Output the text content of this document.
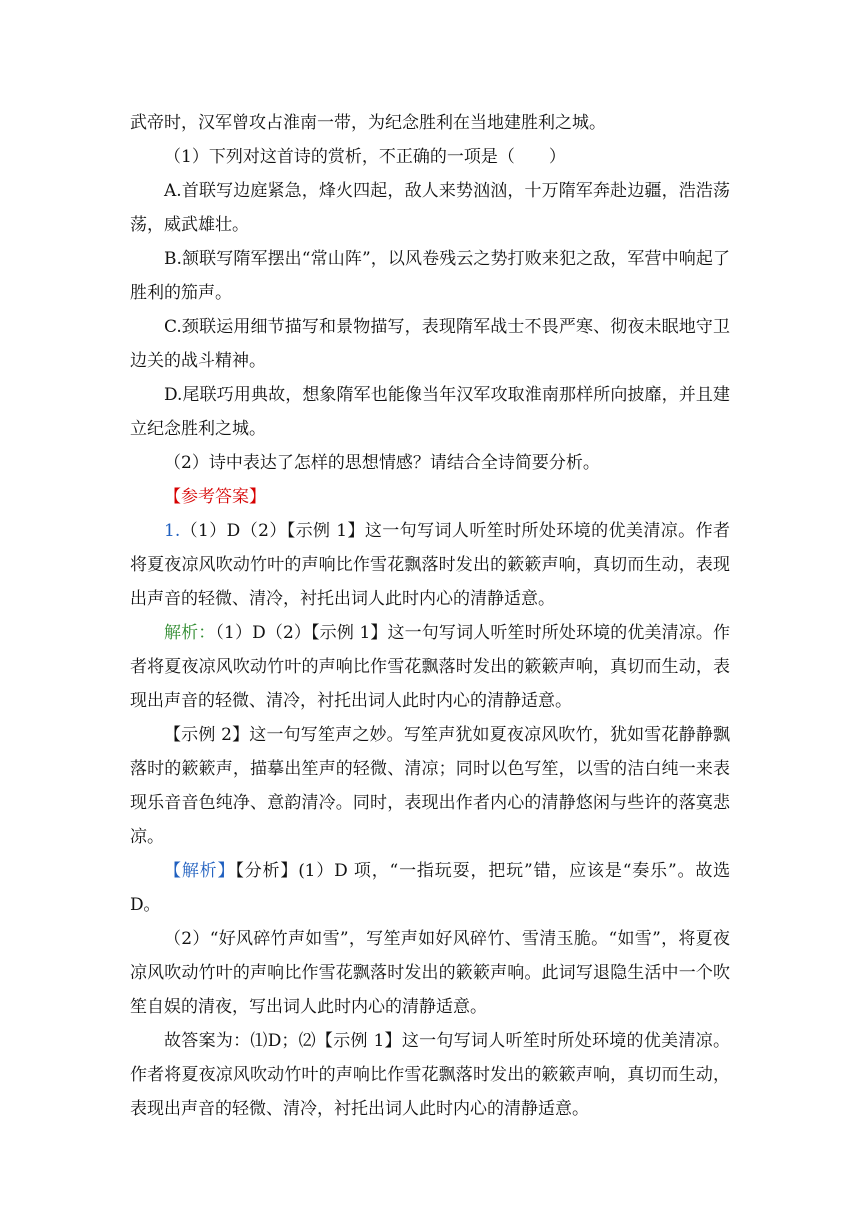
武帝时，汉军曾攻占淮南一带，为纪念胜利在当地建胜利之城。

（1）下列对这首诗的赏析，不正确的一项是（　　）

A.首联写边庭紧急，烽火四起，敌人来势汹汹，十万隋军奔赴边疆，浩浩荡荡，威武雄壮。

B.颔联写隋军摆出“常山阵”，以风卷残云之势打败来犯之敌，军营中响起了胜利的笳声。

C.颈联运用细节描写和景物描写，表现隋军战士不畏严寒、彻夜未眠地守卫边关的战斗精神。

D.尾联巧用典故，想象隋军也能像当年汉军攻取淮南那样所向披靡，并且建立纪念胜利之城。

（2）诗中表达了怎样的思想情感？请结合全诗简要分析。

【参考答案】

1.（1）D（2）【示例 1】这一句写词人听笙时所处环境的优美清凉。作者将夏夜凉风吹动竹叶的声响比作雪花飘落时发出的簌簌声响，真切而生动，表现出声音的轻微、清冷，衬托出词人此时内心的清静适意。

解析：（1）D（2）【示例 1】这一句写词人听笙时所处环境的优美清凉。作者将夏夜凉风吹动竹叶的声响比作雪花飘落时发出的簌簌声响，真切而生动，表现出声音的轻微、清冷，衬托出词人此时内心的清静适意。

【示例 2】这一句写笙声之妙。写笙声犹如夏夜凉风吹竹，犹如雪花静静飘落时的簌簌声，描摹出笙声的轻微、清凉；同时以色写笙，以雪的洁白纯一来表现乐音音色纯净、意韵清冷。同时，表现出作者内心的清静悠闲与些许的落寞悲凉。

【解析】【分析】(1）D 项，“一指玩耍，把玩”错，应该是“奏乐”。故选 D。

（2）“好风碎竹声如雪”，写笙声如好风碎竹、雪清玉脆。“如雪”，将夏夜凉风吹动竹叶的声响比作雪花飘落时发出的簌簌声响。此词写退隐生活中一个吹笙自娱的清夜，写出词人此时内心的清静适意。

故答案为：⑴D；⑵【示例 1】这一句写词人听笙时所处环境的优美清凉。作者将夏夜凉风吹动竹叶的声响比作雪花飘落时发出的簌簌声响，真切而生动，表现出声音的轻微、清冷，衬托出词人此时内心的清静适意。
